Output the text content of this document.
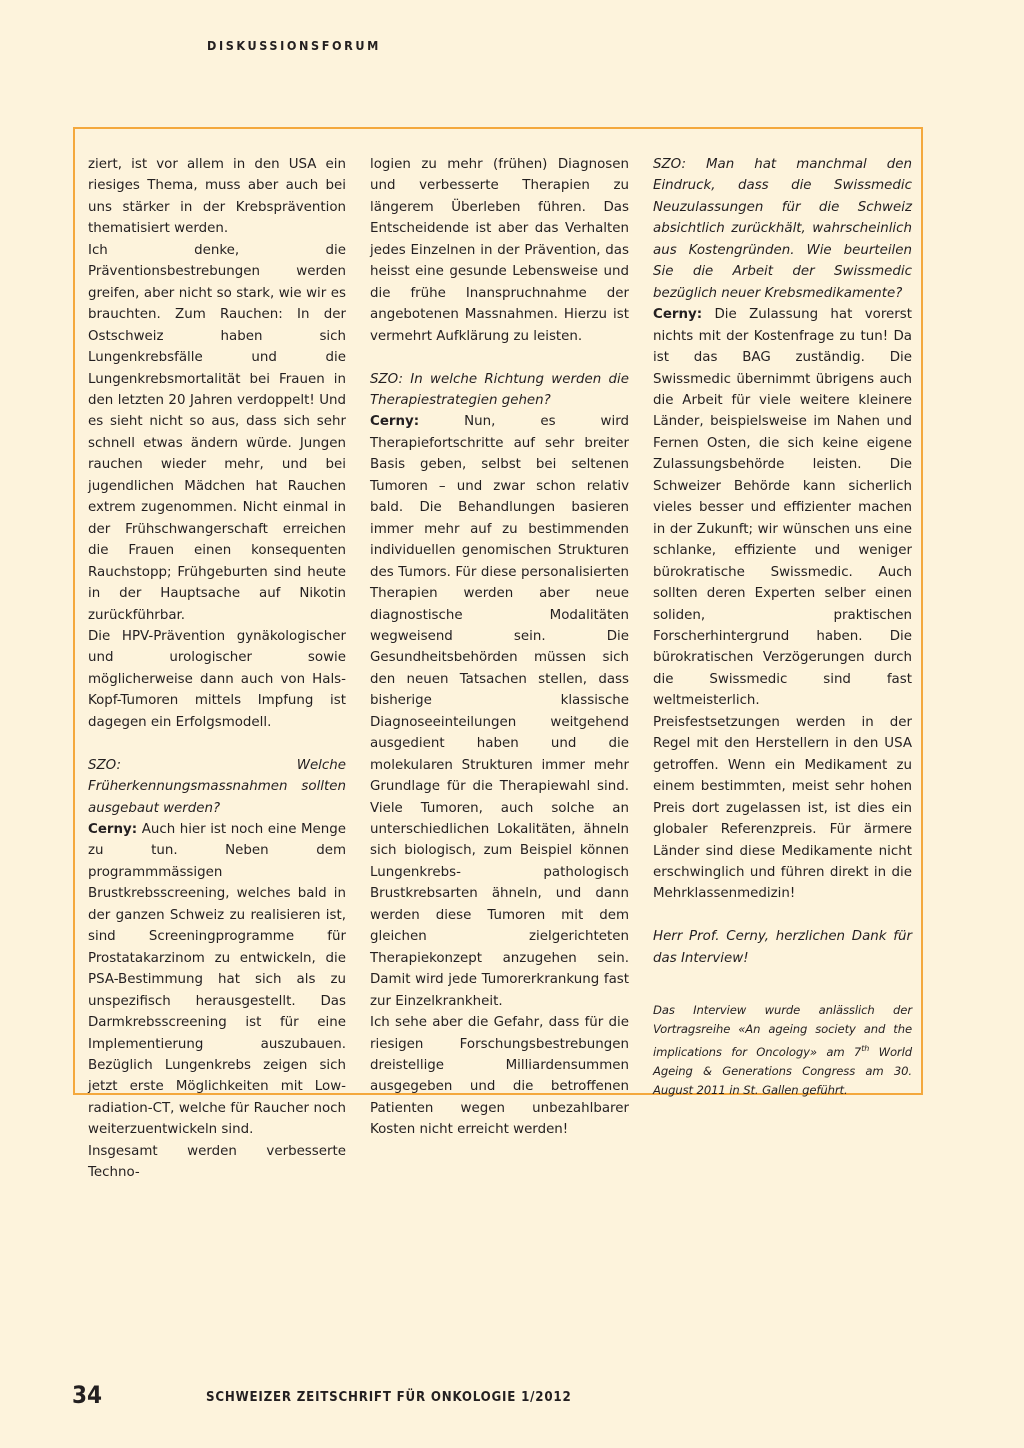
DISKUSSIONSFORUM

ziert, ist vor allem in den USA ein riesiges Thema, muss aber auch bei uns stärker in der Krebsprävention thematisiert werden.

Ich denke, die Präventionsbestrebungen werden greifen, aber nicht so stark, wie wir es brauchten. Zum Rauchen: In der Ostschweiz haben sich Lungenkrebsfälle und die Lungenkrebsmortalität bei Frauen in den letzten 20 Jahren verdoppelt! Und es sieht nicht so aus, dass sich sehr schnell etwas ändern würde. Jungen rauchen wieder mehr, und bei jugendlichen Mädchen hat Rauchen extrem zugenommen. Nicht einmal in der Frühschwangerschaft erreichen die Frauen einen konsequenten Rauchstopp; Frühgeburten sind heute in der Hauptsache auf Nikotin zurückführbar.

Die HPV-Prävention gynäkologischer und urologischer sowie möglicherweise dann auch von Hals-Kopf-Tumoren mittels Impfung ist dagegen ein Erfolgsmodell.

SZO: Welche Früherkennungsmassnahmen sollten ausgebaut werden?

Cerny: Auch hier ist noch eine Menge zu tun. Neben dem programmmässigen Brustkrebsscreening, welches bald in der ganzen Schweiz zu realisieren ist, sind Screeningprogramme für Prostatakarzinom zu entwickeln, die PSA-Bestimmung hat sich als zu unspezifisch herausgestellt. Das Darmkrebsscreening ist für eine Implementierung auszubauen. Bezüglich Lungenkrebs zeigen sich jetzt erste Möglichkeiten mit Low-radiation-CT, welche für Raucher noch weiterzuentwickeln sind.

Insgesamt werden verbesserte Techno-

logien zu mehr (frühen) Diagnosen und verbesserte Therapien zu längerem Überleben führen. Das Entscheidende ist aber das Verhalten jedes Einzelnen in der Prävention, das heisst eine gesunde Lebensweise und die frühe Inanspruchnahme der angebotenen Massnahmen. Hierzu ist vermehrt Aufklärung zu leisten.

SZO: In welche Richtung werden die Therapiestrategien gehen?

Cerny:	Nun, es wird Therapiefortschritte auf sehr breiter Basis geben, selbst bei seltenen Tumoren – und zwar schon relativ bald. Die Behandlungen basieren immer mehr auf zu bestimmenden individuellen genomischen Strukturen des Tumors. Für diese personalisierten Therapien werden aber neue diagnostische Modalitäten wegweisend sein. Die Gesundheitsbehörden müssen sich den neuen Tatsachen stellen, dass bisherige klassische Diagnoseeinteilungen weitgehend ausgedient haben und die molekularen Strukturen immer mehr Grundlage für die Therapiewahl sind. Viele Tumoren, auch solche an unterschiedlichen Lokalitäten, ähneln sich biologisch, zum Beispiel können Lungenkrebs- pathologisch Brustkrebsarten ähneln, und dann werden diese Tumoren mit dem gleichen zielgerichteten Therapiekonzept anzugehen sein. Damit wird jede Tumorerkrankung fast zur Einzelkrankheit.

Ich sehe aber die Gefahr, dass für die riesigen Forschungsbestrebungen dreistellige Milliardensummen ausgegeben und die betroffenen Patienten wegen unbezahlbarer Kosten nicht erreicht werden!

SZO: Man hat manchmal den Eindruck, dass die Swissmedic Neuzulassungen für die Schweiz absichtlich zurückhält, wahrscheinlich aus Kostengründen. Wie beurteilen Sie die Arbeit der Swissmedic bezüglich neuer Krebsmedikamente?

Cerny: Die Zulassung hat vorerst nichts mit der Kostenfrage zu tun! Da ist das BAG zuständig. Die Swissmedic übernimmt übrigens auch die Arbeit für viele weitere kleinere Länder, beispielsweise im Nahen und Fernen Osten, die sich keine eigene Zulassungsbehörde leisten. Die Schweizer Behörde kann sicherlich vieles besser und effizienter machen in der Zukunft; wir wünschen uns eine schlanke, effiziente und weniger bürokratische Swissmedic. Auch sollten deren Experten selber einen soliden, praktischen Forscherhintergrund haben. Die bürokratischen Verzögerungen durch die Swissmedic sind fast weltmeisterlich.

Preisfestsetzungen werden in der Regel mit den Herstellern in den USA getroffen. Wenn ein Medikament zu einem bestimmten, meist sehr hohen Preis dort zugelassen ist, ist dies ein globaler Referenzpreis. Für ärmere Länder sind diese Medikamente nicht erschwinglich und führen direkt in die Mehrklassenmedizin!

Herr Prof. Cerny, herzlichen Dank für das Interview!

Das Interview wurde anlässlich der Vortragsreihe «An ageing society and the implications for Oncology» am 7th World Ageing & Generations Congress am 30. August 2011 in St. Gallen geführt.

34	SCHWEIZER ZEITSCHRIFT FÜR ONKOLOGIE 1/2012
